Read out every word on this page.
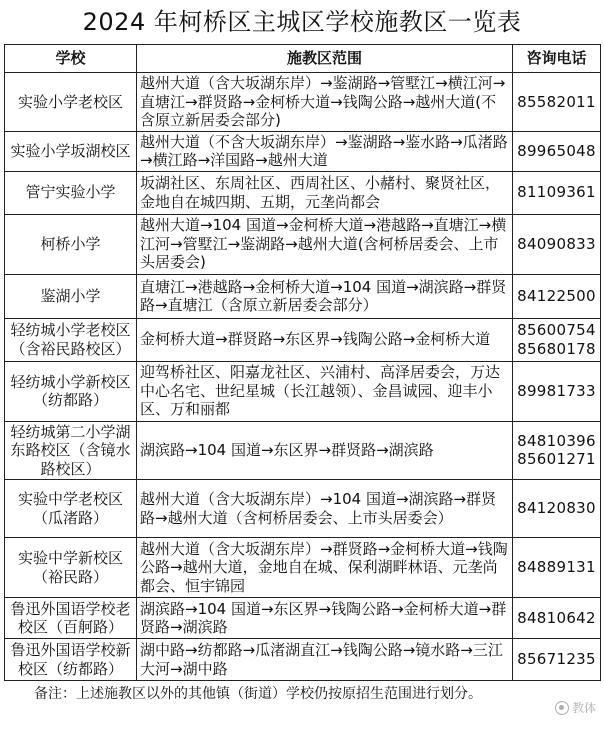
2024 年柯桥区主城区学校施教区一览表
学校	施教区范围	咨询电话
实验小学老校区	越州大道（含大坂湖东岸）→鉴湖路→管墅江→横江河→直塘江→群贤路→金柯桥大道→钱陶公路→越州大道(不含原立新居委会部分)	85582011

实验小学坂湖校区	越州大道（不含大坂湖东岸）→鉴湖路→鉴水路→瓜渚路→横江路→洋国路→越州大道	89965048

管宁实验小学	坂湖社区、东周社区、西周社区、小赭村、聚贤社区，金地自在城四期、五期，元垄尚都会	81109361

柯桥小学	越州大道→104 国道→金柯桥大道→港越路→直塘江→横江河→管墅江→鉴湖路→越州大道(含柯桥居委会、上市头居委会)	84090833

鉴湖小学	直塘江→港越路→金柯桥大道→104 国道→湖滨路→群贤路→直塘江（含原立新居委会部分）	84122500

轻纺城小学老校区（含裕民路校区）	金柯桥大道→群贤路→东区界→钱陶公路→金柯桥大道	85600754
85680178

轻纺城小学新校区（纺都路）	迎驾桥社区、阳嘉龙社区、兴浦村、高泽居委会，万达中心名宅、世纪星城（长江越领）、金昌诚园、迎丰小区、万和丽都	89981733

轻纺城第二小学湖东路校区（含镜水路校区）	湖滨路→104 国道→东区界→群贤路→湖滨路	84810396
85601271

实验中学老校区（瓜渚路）	越州大道（含大坂湖东岸）→104 国道→湖滨路→群贤路→越州大道（含柯桥居委会、上市头居委会）	84120830

实验中学新校区（裕民路）	越州大道（含大坂湖东岸）→群贤路→金柯桥大道→钱陶公路→越州大道，金地自在城、保利湖畔林语、元垄尚都会、恒宇锦园	84889131

鲁迅外国语学校老校区（百舸路）	湖滨路→104 国道→东区界→钱陶公路→金柯桥大道→群贤路→湖滨路	84810642

鲁迅外国语学校新校区（纺都路）	湖中路→纺都路→瓜渚湖直江→钱陶公路→镜水路→三江大河→湖中路	85671235
备注：上述施教区以外的其他镇（街道）学校仍按原招生范围进行划分。
教体
